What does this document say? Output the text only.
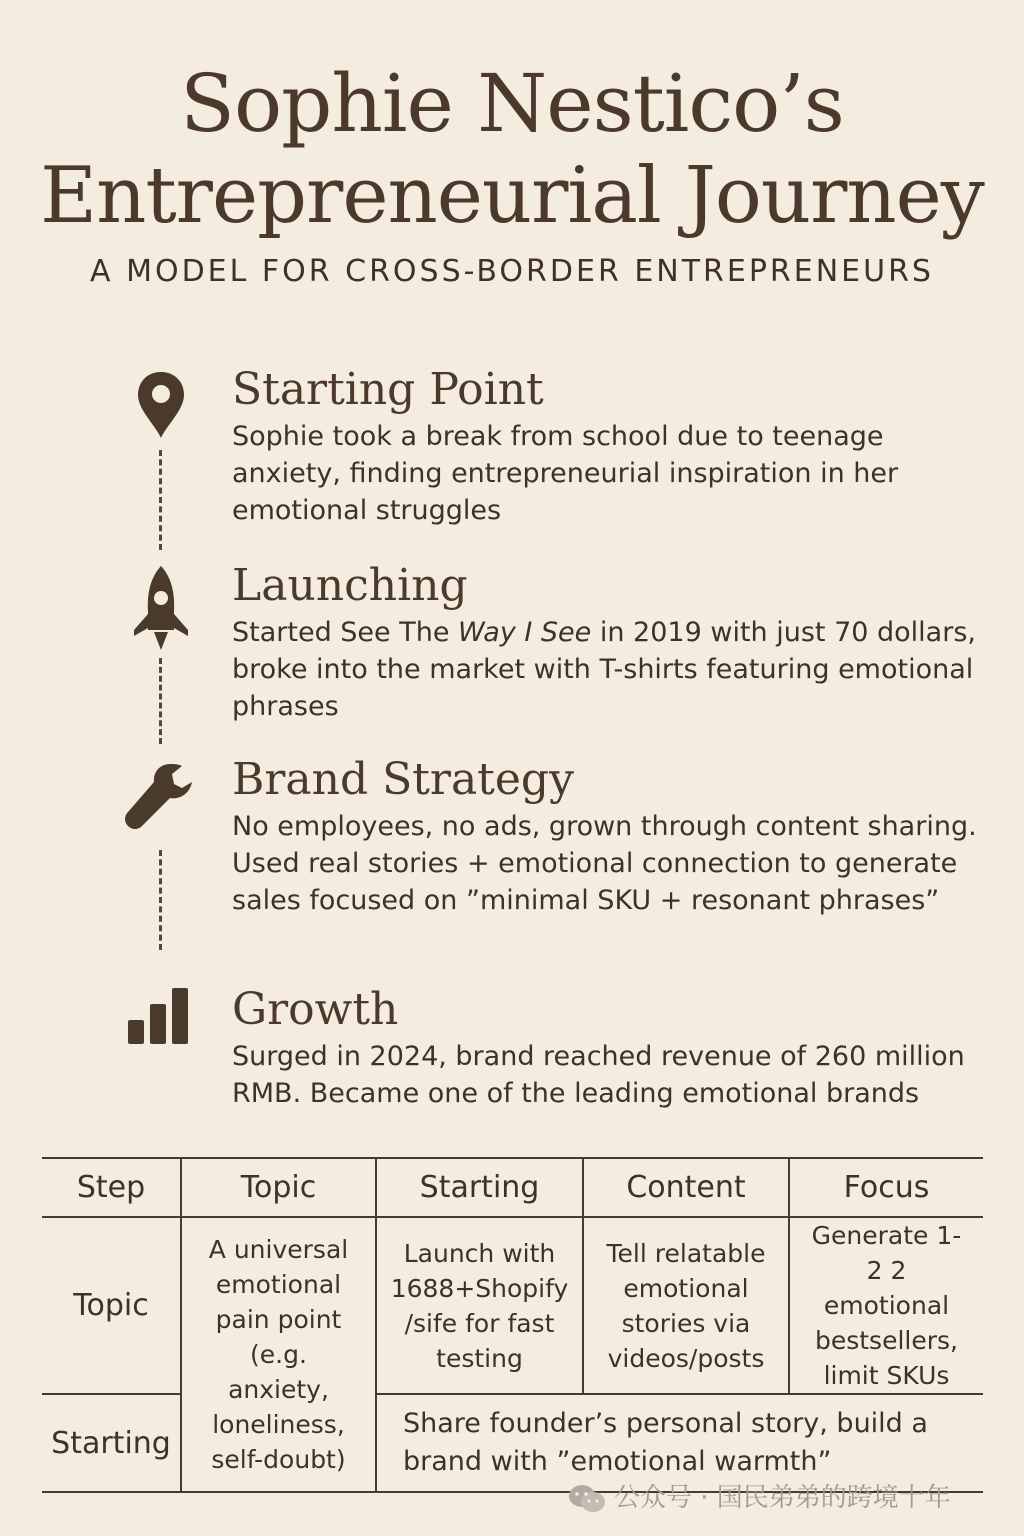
Sophie Nestico’s
Entrepreneurial Journey
A MODEL FOR CROSS-BORDER ENTREPRENEURS
Starting Point
Sophie took a break from school due to teenage anxiety, finding entrepreneurial inspiration in her emotional struggles
Launching
Started See The Way I See in 2019 with just 70 dollars, broke into the market with T-shirts featuring emotional phrases
Brand Strategy
No employees, no ads, grown through content sharing. Used real stories + emotional connection to generate sales focused on ”minimal SKU + resonant phrases”
Growth
Surged in 2024, brand reached revenue of 260 million RMB. Became one of the leading emotional brands
Step	Topic	Starting	Content	Focus
Topic	A universal emotional pain point (e.g. anxiety, loneliness, self-doubt)	Launch with 1688+Shopify /sife for fast testing	Tell relatable emotional stories via videos/posts	Generate 1-2 2 emotional bestsellers, limit SKUs
Starting		Share founder’s personal story, build a brand with ”emotional warmth”		
公众号 · 国民弟弟的跨境十年
